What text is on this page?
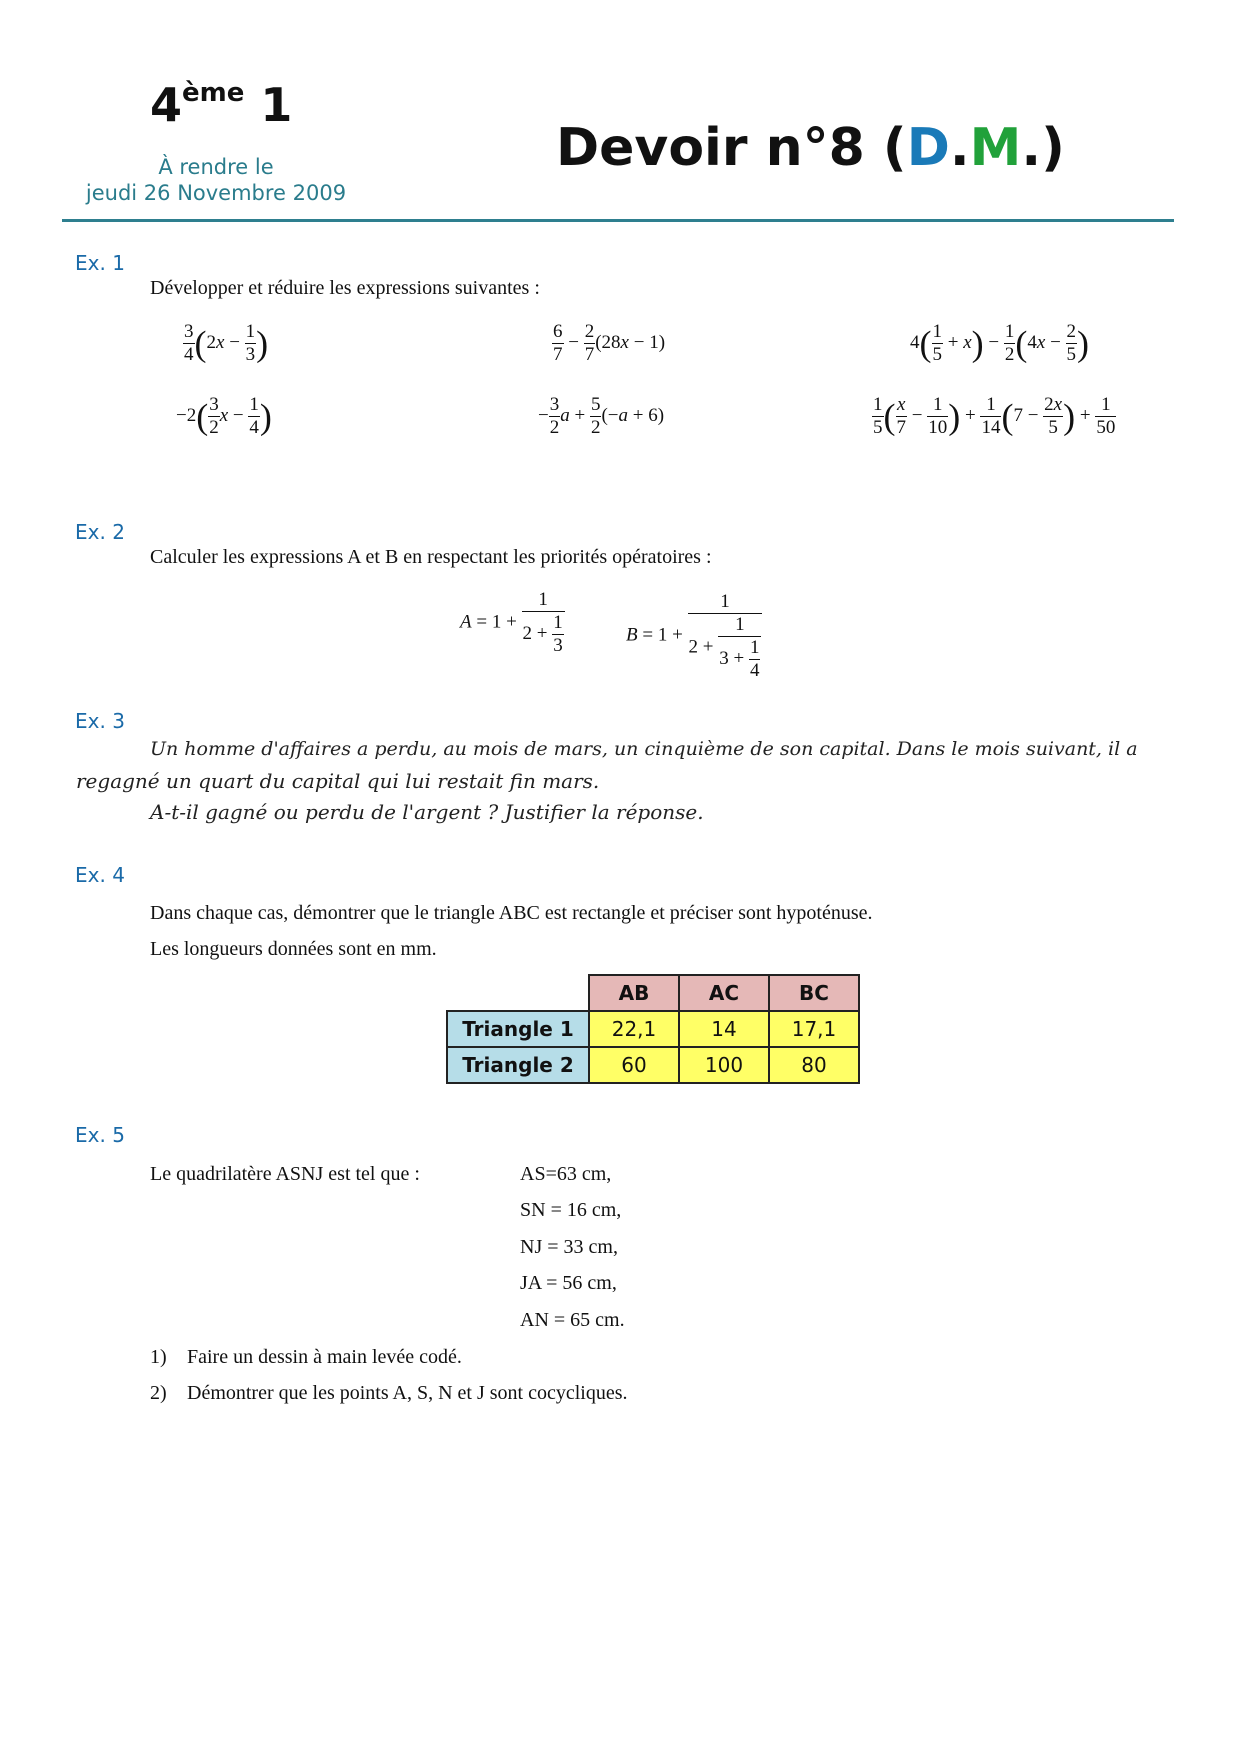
4ème 1
À rendre le
jeudi 26 Novembre 2009
Devoir n°8 (D.M.)
Ex. 1
Développer et réduire les expressions suivantes :
$\frac{3}{4} (2x - \frac{1}{3}$ )	$\frac{6}{7} - \frac{2}{7} (28x - 1)$	$4( \frac{1}{5} + x) - \frac{1}{2} (4x - \frac{2}{5}$ )
$-2( \frac{3}{2}$ $x - \frac{1}{4}$ )	− $\frac{3}{2}$ $a + \frac{5}{2} (-a + 6)$	$\frac{1}{5}$ ( $\frac{x}{7} - \frac{1}{10}$ ) + $\frac{1}{14} (7 - \frac{2x}{5}$ ) + $\frac{1}{50}$
Ex. 2
Calculer les expressions A et B en respectant les priorités opératoires :
$A = 1 + \frac{1}{2 + \frac{1}{3}}$	$B = 1 + \frac{1}{2 + \frac{1}{3 + \frac{1}{4}}}$
Ex. 3
Un homme d'affaires a perdu, au mois de mars, un cinquième de son capital. Dans le mois suivant, il a
regagné un quart du capital qui lui restait fin mars.
A-t-il gagné ou perdu de l'argent ? Justifier la réponse.
Ex. 4
Dans chaque cas, démontrer que le triangle ABC est rectangle et préciser sont hypoténuse.
Les longueurs données sont en mm.
	AB	AC	BC
Triangle 1	22,1	14	17,1
Triangle 2	60	100	80
Ex. 5
Le quadrilatère ASNJ est tel que :	AS=63 cm,
SN = 16 cm,
NJ = 33 cm,
JA = 56 cm,
AN = 65 cm.
1) Faire un dessin à main levée codé.
2) Démontrer que les points A, S, N et J sont cocycliques.
